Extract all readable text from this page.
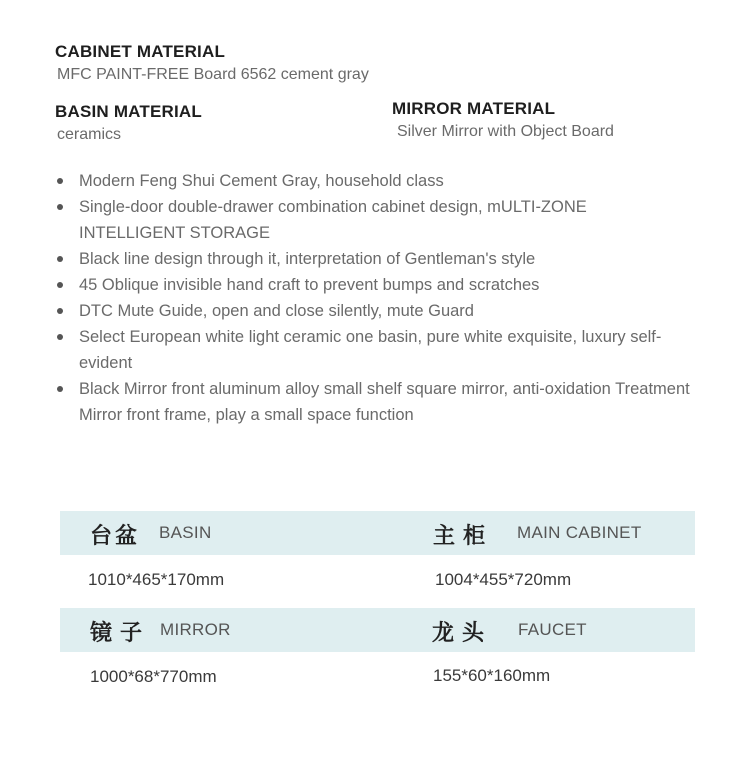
CABINET MATERIAL
MFC PAINT-FREE Board 6562 cement gray
BASIN MATERIAL
ceramics
MIRROR MATERIAL
Silver Mirror with Object Board
Modern Feng Shui Cement Gray, household class
Single-door double-drawer combination cabinet design, mULTI-ZONE INTELLIGENT STORAGE
Black line design through it, interpretation of Gentleman's style
45 Oblique invisible hand craft to prevent bumps and scratches
DTC Mute Guide, open and close silently, mute Guard
Select European white light ceramic one basin, pure white exquisite, luxury self-evident
Black Mirror front aluminum alloy small shelf square mirror, anti-oxidation Treatment Mirror front frame, play a small space function
台盆 BASIN	主柜 MAIN CABINET
1010*465*170mm	1004*455*720mm
镜子 MIRROR	龙头 FAUCET
1000*68*770mm	155*60*160mm
